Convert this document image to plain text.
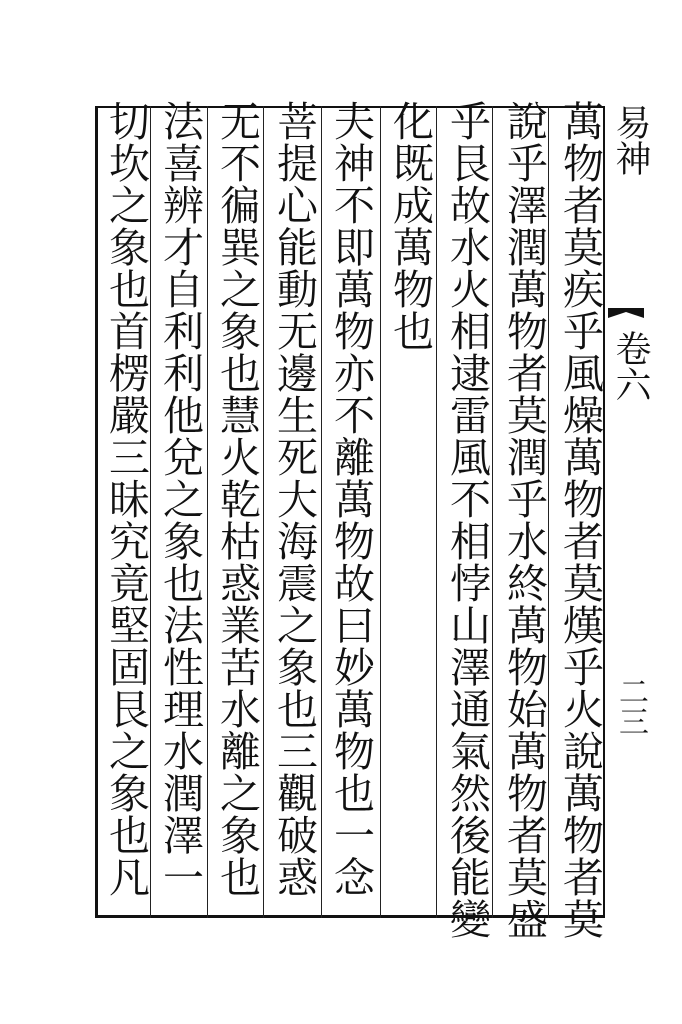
萬物者莫疾乎風燥萬物者莫熯乎火說萬物者莫
說乎澤潤萬物者莫潤乎水終萬物始萬物者莫盛
乎艮故水火相逮雷風不相悖山澤通氣然後能變
化既成萬物也
夫神不即萬物亦不離萬物故曰妙萬物也一念
菩提心能動无邊生死大海震之象也三觀破惑
无不徧巽之象也慧火乾枯惑業苦水離之象也
法喜辨才自利利他兌之象也法性理水潤澤一
切坎之象也首楞嚴三昧究竟堅固艮之象也凡	易神
卷六
二三
